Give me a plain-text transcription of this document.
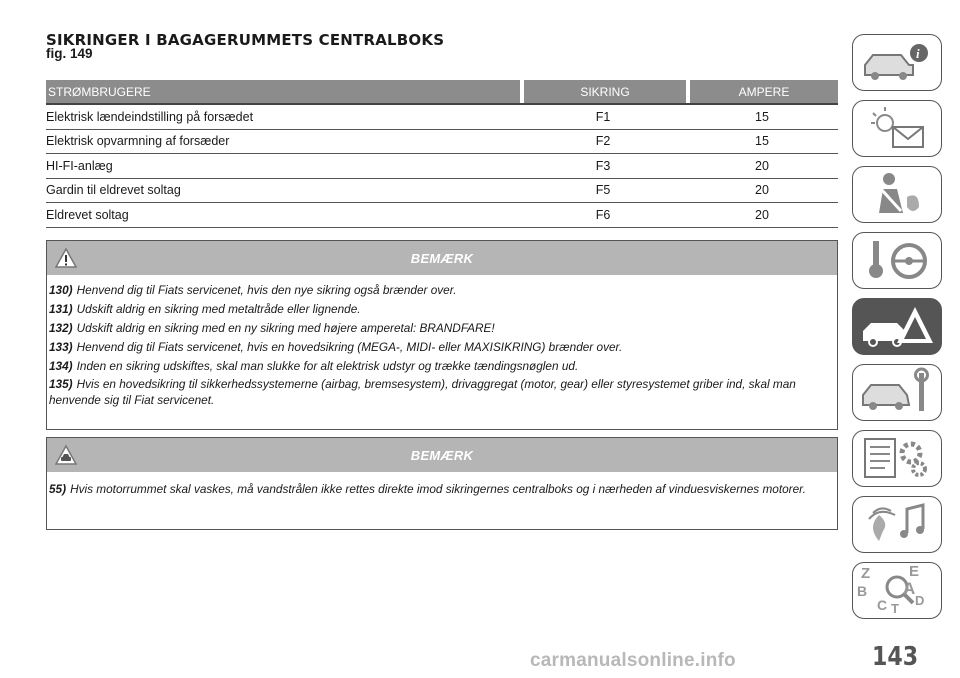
SIKRINGER I BAGAGERUMMETS CENTRALBOKS
fig. 149
STRØMBRUGERE	SIKRING	AMPERE
Elektrisk lændeindstilling på forsædet	F1	15
Elektrisk opvarmning af forsæder	F2	15
HI-FI-anlæg	F3	20
Gardin til eldrevet soltag	F5	20
Eldrevet soltag	F6	20
BEMÆRK
130) Henvend dig til Fiats servicenet, hvis den nye sikring også brænder over.
131) Udskift aldrig en sikring med metaltråde eller lignende.
132) Udskift aldrig en sikring med en ny sikring med højere amperetal: BRANDFARE!
133) Henvend dig til Fiats servicenet, hvis en hovedsikring (MEGA-, MIDI- eller MAXISIKRING) brænder over.
134) Inden en sikring udskiftes, skal man slukke for alt elektrisk udstyr og trække tændingsnøglen ud.
135) Hvis en hovedsikring til sikkerhedssystemerne (airbag, bremsesystem), drivaggregat (motor, gear) eller styresystemet griber ind, skal man henvende sig til Fiat servicenet.
BEMÆRK
55) Hvis motorrummet skal vaskes, må vandstrålen ikke rettes direkte imod sikringernes centralboks og i nærheden af vinduesviskernes motorer.
i
Z	E
B A
C D
T
carmanualsonline.info	143
